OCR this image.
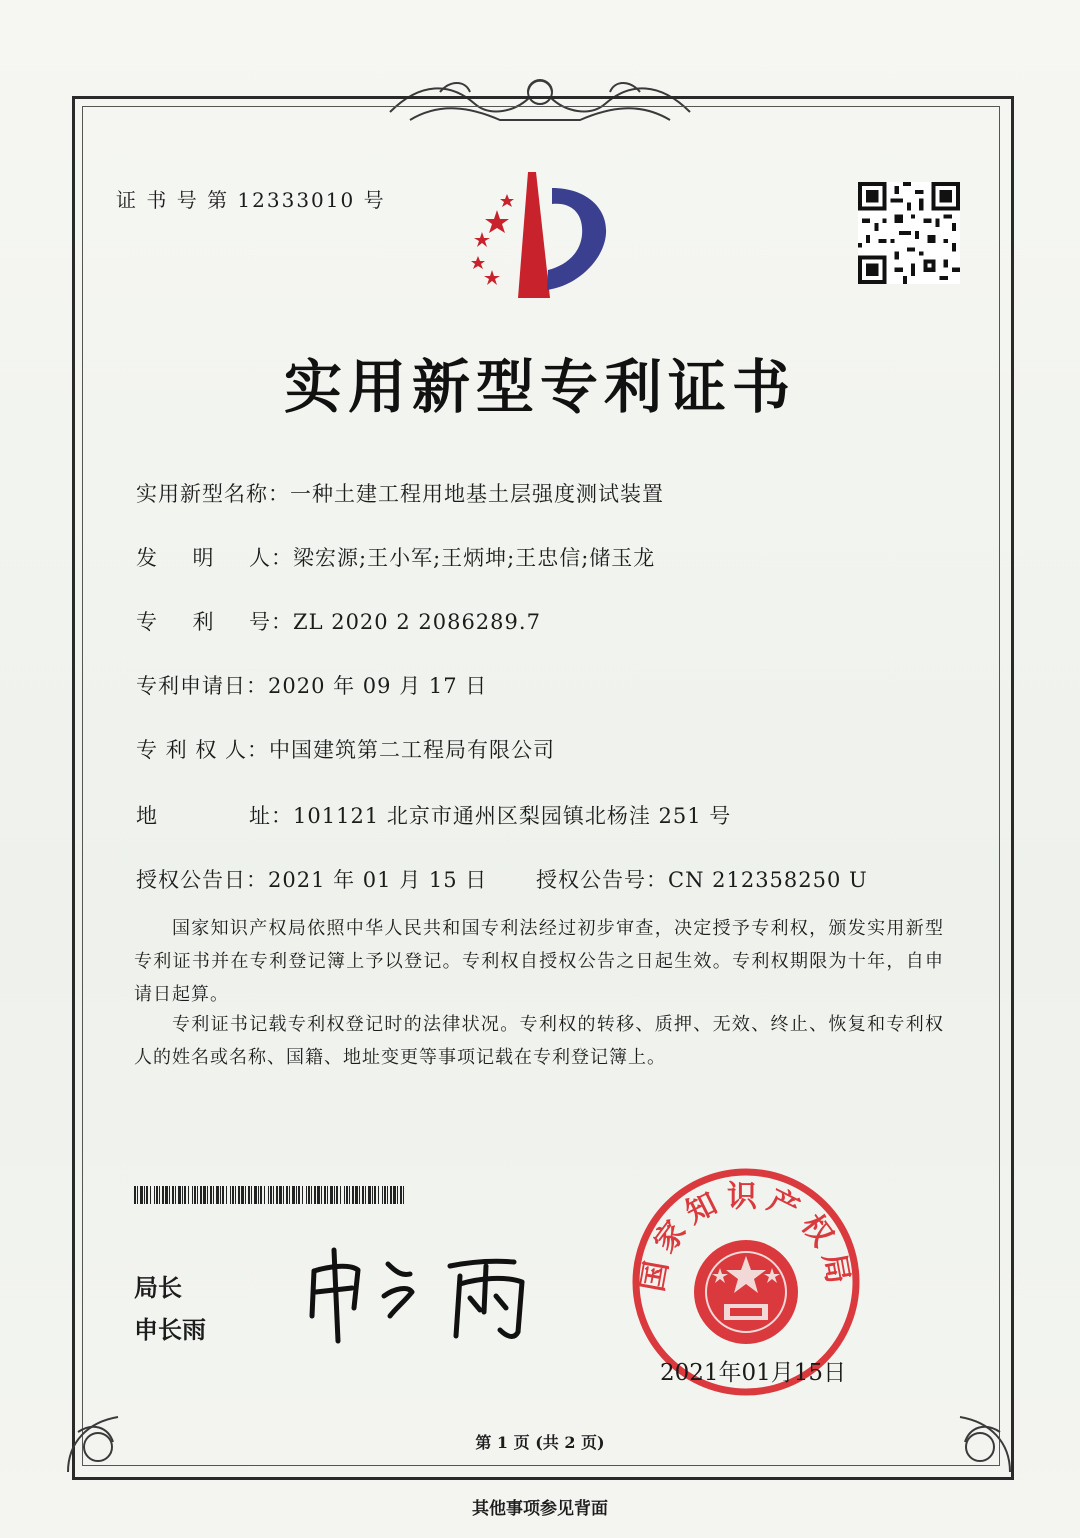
证 书 号 第 12333010 号
实用新型专利证书
实用新型名称：一种土建工程用地基土层强度测试装置
发 明 人 ：梁宏源;王小军;王炳坤;王忠信;储玉龙
专 利 号 ：ZL 2020 2 2086289.7
专利申请日：2020 年 09 月 17 日
专 利 权 人：中国建筑第二工程局有限公司
地	址 ：101121 北京市通州区梨园镇北杨洼 251 号
授权公告日：2021 年 01 月 15 日 授权公告号：CN 212358250 U
国家知识产权局依照中华人民共和国专利法经过初步审查，决定授予专利权，颁发实用新型专利证书并在专利登记簿上予以登记。专利权自授权公告之日起生效。专利权期限为十年，自申请日起算。
专利证书记载专利权登记时的法律状况。专利权的转移、质押、无效、终止、恢复和专利权人的姓名或名称、国籍、地址变更等事项记载在专利登记簿上。
局长
申长雨
国家知识产权局
2021年01月15日
第 1 页 (共 2 页)
其他事项参见背面
